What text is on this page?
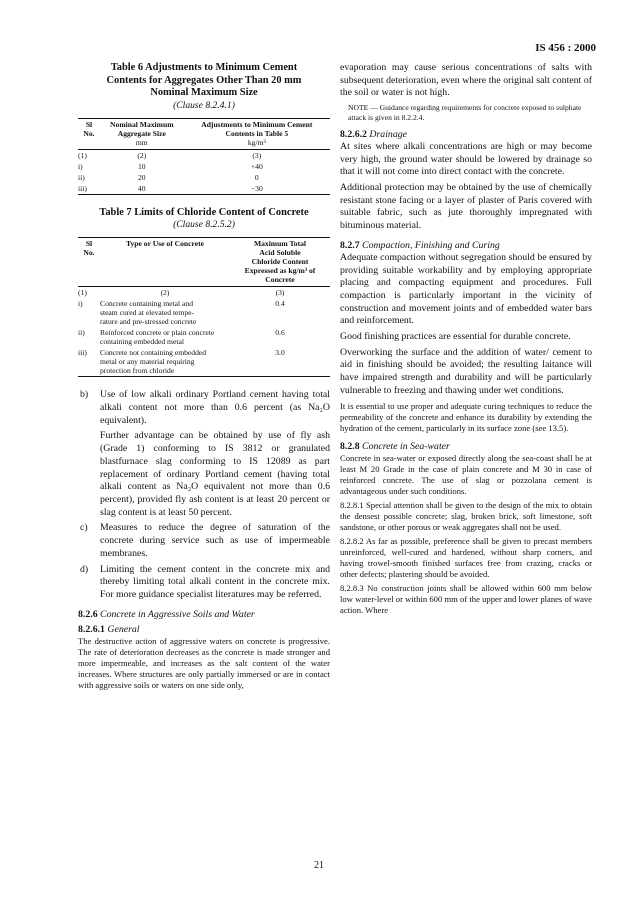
IS 456 : 2000

Table 6 Adjustments to Minimum Cement

Contents for Aggregates Other Than 20 mm

Nominal Maximum Size

(Clause 8.2.4.1)

Sl
No.	Nominal Maximum
Aggregate Size
mm	Adjustments to Minimum Cement
Contents in Table 5
kg/m³

(1)	(2)	(3)
i)	10	+40
ii)	20	0
iii)	40	−30

Table 7 Limits of Chloride Content of Concrete

(Clause 8.2.5.2)

Sl
No.	Type or Use of Concrete	Maximum Total
Acid Soluble
Chloride Content
Expressed as kg/m³ of
Concrete

(1)	(2)	(3)
i)	Concrete containing metal and
steam cured at elevated tempe-
rature and pre-stressed concrete	0.4
ii)	Reinforced concrete or plain concrete
containing embedded metal	0.6
iii)	Concrete not containing embedded
metal or any material requiring
protection from chloride	3.0
b)	Use of low alkali ordinary Portland cement having total alkali content not more than 0.6 percent (as Na₂O equivalent).

Further advantage can be obtained by use of fly ash (Grade 1) conforming to IS 3812 or granulated blastfurnace slag conforming to IS 12089 as part replacement of ordinary Portland cement (having total alkali content as Na₂O equivalent not more than 0.6 percent), provided fly ash content is at least 20 percent or slag content is at least 50 percent.

c)	Measures to reduce the degree of saturation of the concrete during service such as use of impermeable membranes.
d)	Limiting the cement content in the concrete mix and thereby limiting total alkali content in the concrete mix. For more guidance specialist literatures may be referred.

8.2.6 Concrete in Aggressive Soils and Water

8.2.6.1 General

The destructive action of aggressive waters on concrete is progressive. The rate of deterioration decreases as the concrete is made stronger and more impermeable, and increases as the salt content of the water increases. Where structures are only partially immersed or are in contact with aggressive soils or waters on one side only,

evaporation may cause serious concentrations of salts with subsequent deterioration, even where the original salt content of the soil or water is not high.

NOTE — Guidance regarding requirements for concrete exposed to sulphate attack is given in 8.2.2.4.

8.2.6.2 Drainage

At sites where alkali concentrations are high or may become very high, the ground water should be lowered by drainage so that it will not come into direct contact with the concrete.

Additional protection may be obtained by the use of chemically resistant stone facing or a layer of plaster of Paris covered with suitable fabric, such as jute thoroughly impregnated with bituminous material.

8.2.7 Compaction, Finishing and Curing

Adequate compaction without segregation should be ensured by providing suitable workability and by employing appropriate placing and compacting equipment and procedures. Full compaction is particularly important in the vicinity of construction and movement joints and of embedded water bars and reinforcement.

Good finishing practices are essential for durable concrete.

Overworking the surface and the addition of water/ cement to aid in finishing should be avoided; the resulting laitance will have impaired strength and durability and will be particularly vulnerable to freezing and thawing under wet conditions.

It is essential to use proper and adequate curing techniques to reduce the permeability of the concrete and enhance its durability by extending the hydration of the cement, particularly in its surface zone (see 13.5).

8.2.8 Concrete in Sea-water

Concrete in sea-water or exposed directly along the sea-coast shall be at least M 20 Grade in the case of plain concrete and M 30 in case of reinforced concrete. The use of slag or pozzolana cement is advantageous under such conditions.

8.2.8.1 Special attention shall be given to the design of the mix to obtain the densest possible concrete; slag, broken brick, soft limestone, soft sandstone, or other porous or weak aggregates shall not be used.

8.2.8.2 As far as possible, preference shall be given to precast members unreinforced, well-cured and hardened, without sharp corners, and having trowel-smooth finished surfaces free from crazing, cracks or other defects; plastering should be avoided.

8.2.8.3 No construction joints shall be allowed within 600 mm below low water-level or within 600 mm of the upper and lower planes of wave action. Where

21
